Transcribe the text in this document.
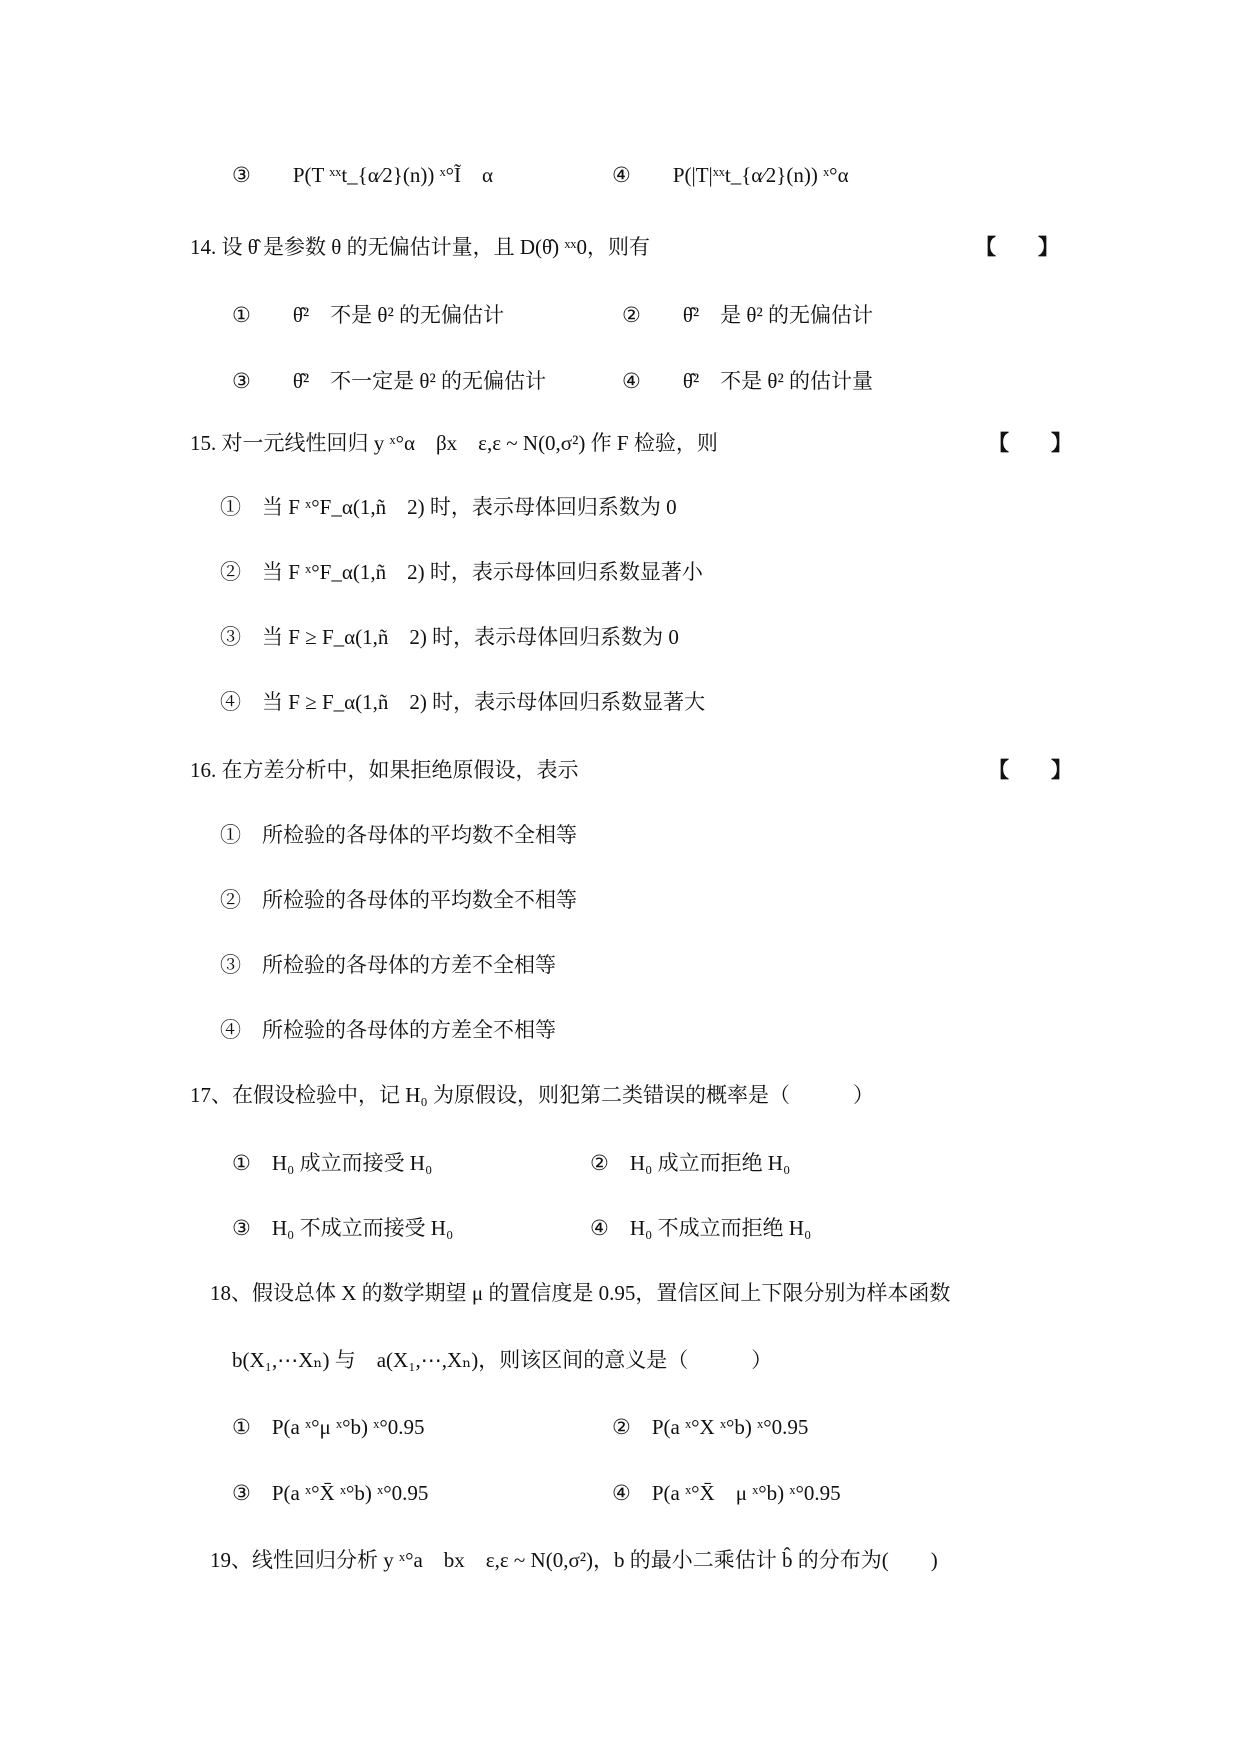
③　　P(T ˣˣt_{α⁄2}(n)) ˣ°Ĩ　α	④　　P(|T|ˣˣt_{α⁄2}(n)) ˣ°α
14. 设 θ̂ 是参数 θ 的无偏估计量，且 D(θ̂) ˣˣ0，则有	【　　】
①　　θ̂²　不是 θ² 的无偏估计	②　　θ̂²　是 θ² 的无偏估计
③　　θ̂²　不一定是 θ² 的无偏估计	④　　θ̂²　不是 θ² 的估计量
15. 对一元线性回归 y ˣ°α　βx　ε,ε ~ N(0,σ²) 作 F 检验，则	【　　】
①　当 F ˣ°F_α(1,ñ　2) 时，表示母体回归系数为 0
②　当 F ˣ°F_α(1,ñ　2) 时，表示母体回归系数显著小
③　当 F ≥ F_α(1,ñ　2) 时，表示母体回归系数为 0
④　当 F ≥ F_α(1,ñ　2) 时，表示母体回归系数显著大
16. 在方差分析中，如果拒绝原假设，表示	【　　】
①　所检验的各母体的平均数不全相等
②　所检验的各母体的平均数全不相等
③　所检验的各母体的方差不全相等
④　所检验的各母体的方差全不相等
17、在假设检验中，记 H₀ 为原假设，则犯第二类错误的概率是（　　　）
①　H₀ 成立而接受 H₀	②　H₀ 成立而拒绝 H₀
③　H₀ 不成立而接受 H₀	④　H₀ 不成立而拒绝 H₀
18、假设总体 X 的数学期望 μ 的置信度是 0.95，置信区间上下限分别为样本函数
b(X₁,⋯Xₙ) 与　a(X₁,⋯,Xₙ)，则该区间的意义是（　　　）
①　P(a ˣ°μ ˣ°b) ˣ°0.95	②　P(a ˣ°X ˣ°b) ˣ°0.95
③　P(a ˣ°X̄ ˣ°b) ˣ°0.95	④　P(a ˣ°X̄　μ ˣ°b) ˣ°0.95
19、线性回归分析 y ˣ°a　bx　ε,ε ~ N(0,σ²)，b 的最小二乘估计 b̂ 的分布为(　　)
